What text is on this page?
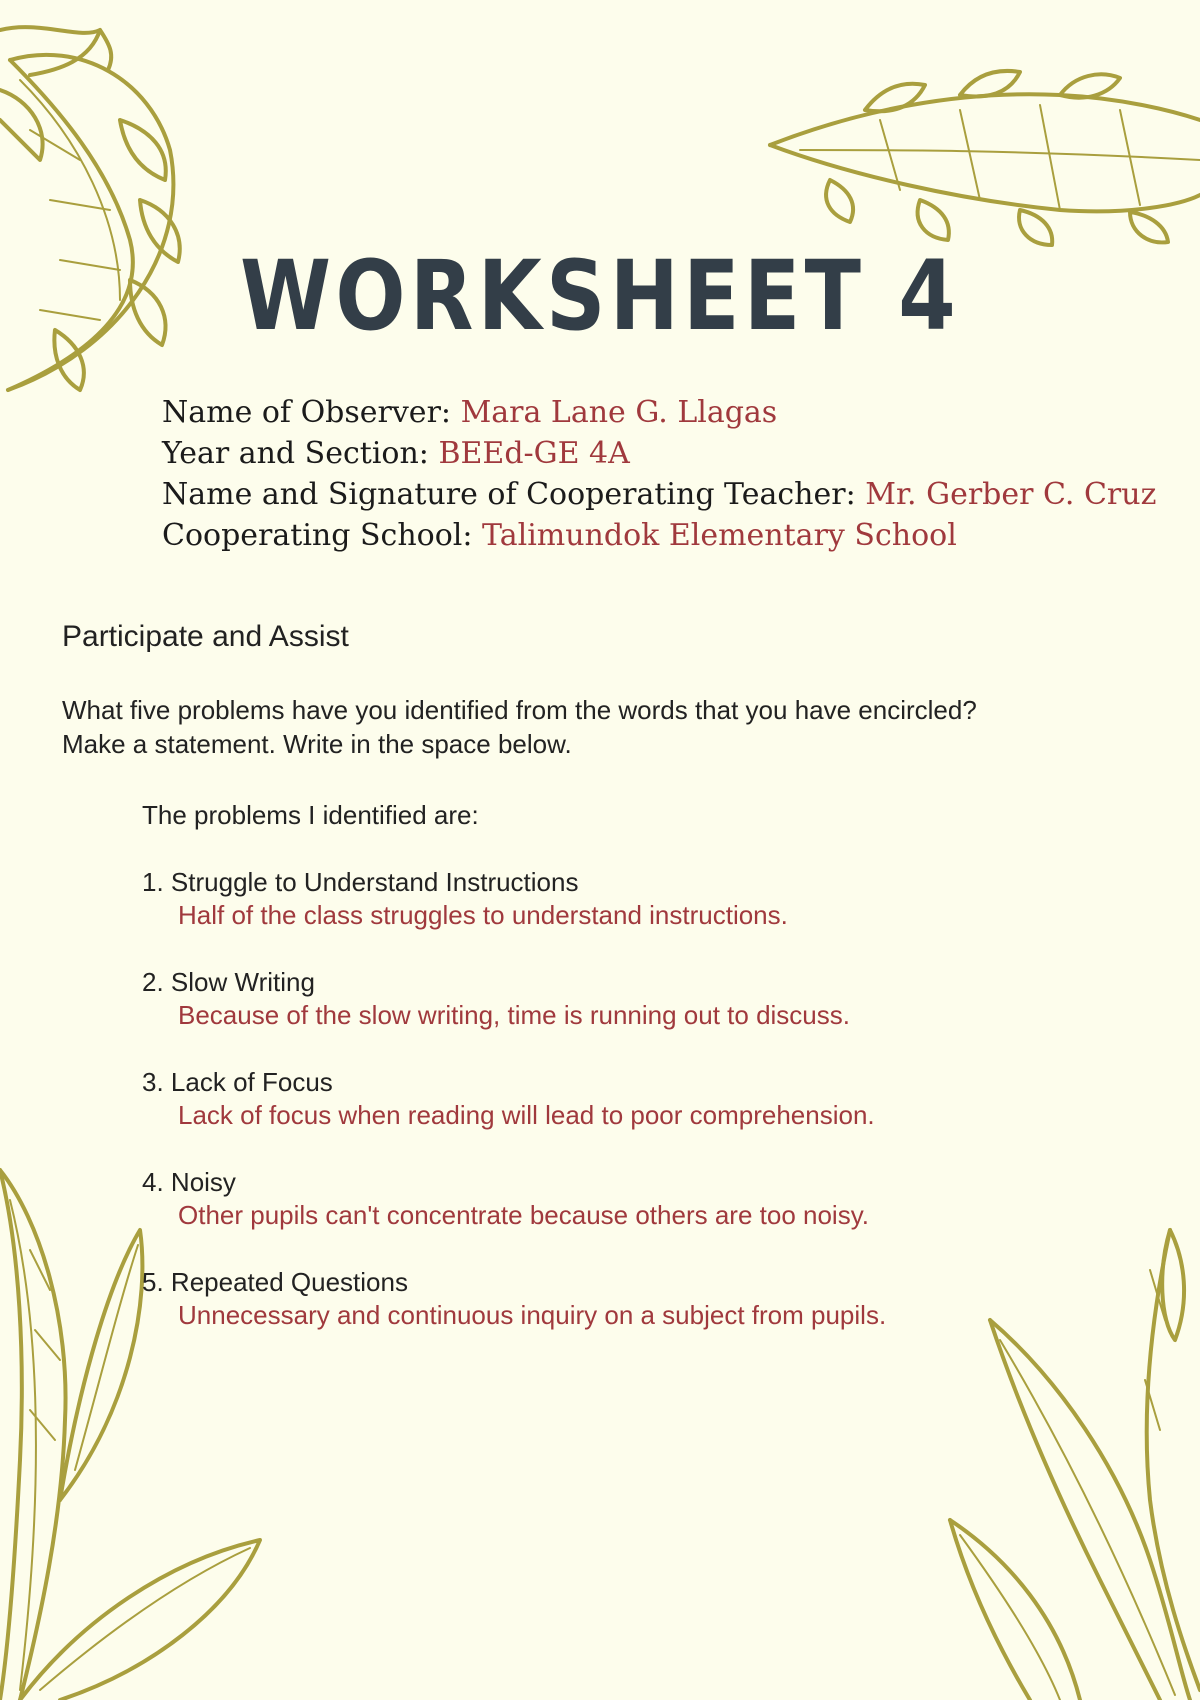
WORKSHEET 4
Name of Observer: Mara Lane G. Llagas
Year and Section: BEEd-GE 4A
Name and Signature of Cooperating Teacher: Mr. Gerber C. Cruz
Cooperating School: Talimundok Elementary School
Participate and Assist
What five problems have you identified from the words that you have encircled?
Make a statement. Write in the space below.
The problems I identified are:
1. Struggle to Understand Instructions
Half of the class struggles to understand instructions.
2. Slow Writing
Because of the slow writing, time is running out to discuss.
3. Lack of Focus
Lack of focus when reading will lead to poor comprehension.
4. Noisy
Other pupils can't concentrate because others are too noisy.
5. Repeated Questions
Unnecessary and continuous inquiry on a subject from pupils.
